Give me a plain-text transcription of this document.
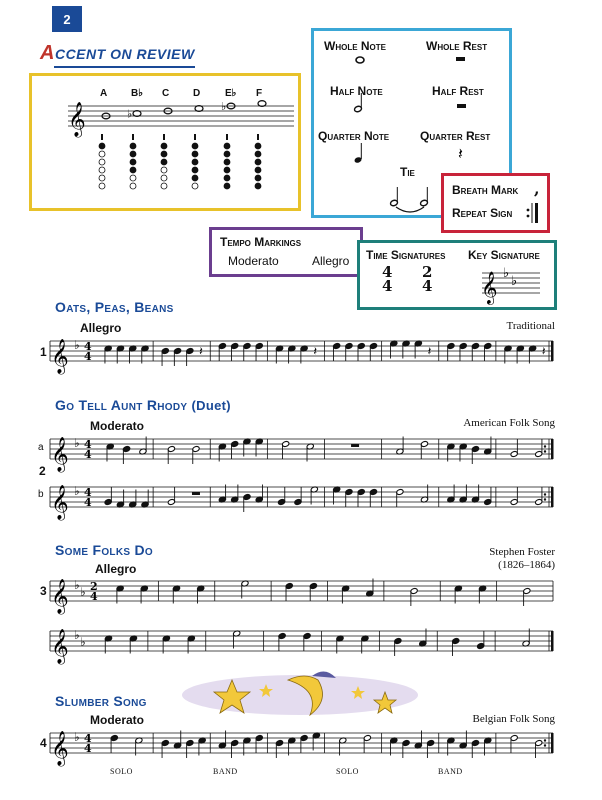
2
ACCENT ON REVIEW
𝄞	♭
♭
A B♭ C D E♭ F
Whole Note	Whole Rest
Half Note	Half Rest
Quarter Note	Quarter Rest
Tie
𝄽
Breath Mark ,
Repeat Sign
Tempo Markings
Moderato	Allegro Time Signatures Key Signature
4
4
2
4 𝄞 ♭
♭
Oats, Peas, Beans
Allegro	Traditional
1 𝄞 ♭ 4
4	𝄽	𝄽	𝄽	𝄽
Go Tell Aunt Rhody (Duet)
Moderato	American Folk Song
a
2
b
𝄞 ♭ 4
4
𝄞 ♭ 4
4
Some Folks Do
Allegro
Stephen Foster
(1826–1864)
3 𝄞 ♭ ♭ 2
4
𝄞 ♭ ♭
Slumber Song
Moderato	Belgian Folk Song
4 𝄞 ♭ 4
4
SOLO	BAND	SOLO	BAND
